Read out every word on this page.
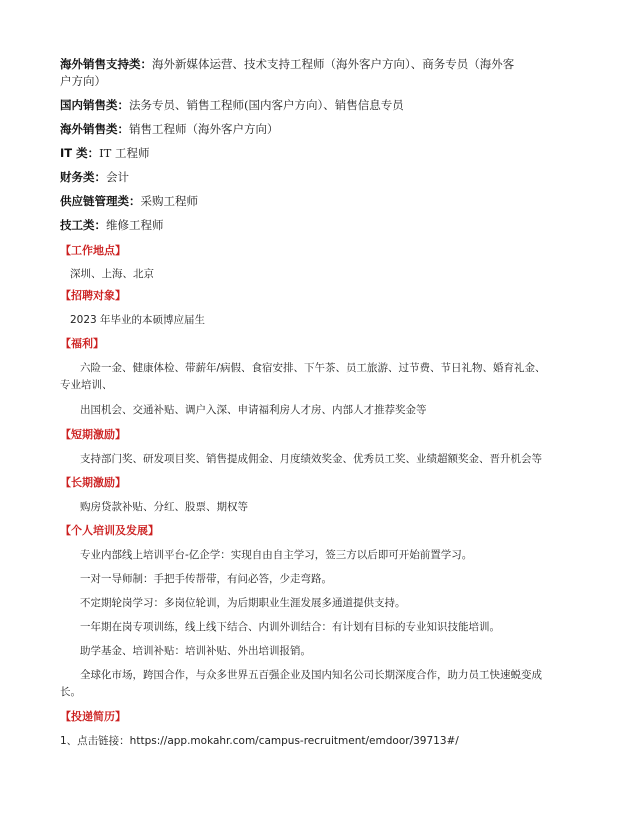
海外销售支持类：海外新媒体运营、技术支持工程师（海外客户方向）、商务专员（海外客
户方向）
国内销售类：法务专员、销售工程师(国内客户方向）、销售信息专员
海外销售类：销售工程师（海外客户方向）
IT 类：IT 工程师
财务类：会计
供应链管理类：采购工程师
技工类：维修工程师
【工作地点】
深圳、上海、北京
【招聘对象】
2023 年毕业的本硕博应届生
【福利】
六险一金、健康体检、带薪年/病假、食宿安排、下午茶、员工旅游、过节费、节日礼物、婚育礼金、
专业培训、
出国机会、交通补贴、调户入深、申请福利房人才房、内部人才推荐奖金等
【短期激励】
支持部门奖、研发项目奖、销售提成佣金、月度绩效奖金、优秀员工奖、业绩超额奖金、晋升机会等
【长期激励】
购房贷款补贴、分红、股票、期权等
【个人培训及发展】
专业内部线上培训平台-亿企学：实现自由自主学习，签三方以后即可开始前置学习。
一对一导师制：手把手传帮带，有问必答，少走弯路。
不定期轮岗学习：多岗位轮训，为后期职业生涯发展多通道提供支持。
一年期在岗专项训练，线上线下结合、内训外训结合：有计划有目标的专业知识技能培训。
助学基金、培训补贴：培训补贴、外出培训报销。
全球化市场，跨国合作，与众多世界五百强企业及国内知名公司长期深度合作，助力员工快速蜕变成
长。
【投递简历】
1、点击链接：https://app.mokahr.com/campus-recruitment/emdoor/39713#/
